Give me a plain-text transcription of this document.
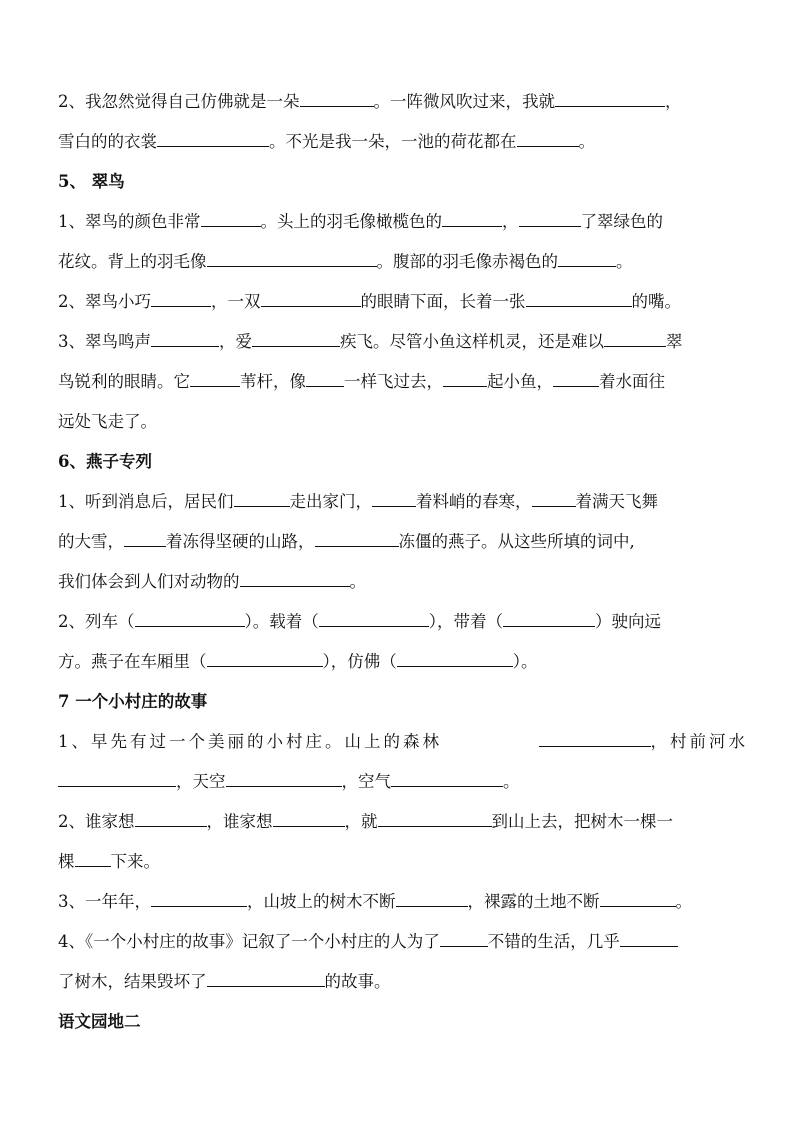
2、我忽然觉得自己仿佛就是一朵	。一阵微风吹过来，我就	，
雪白的的衣裳	。不光是我一朵，一池的荷花都在	。
5、 翠鸟
1、翠鸟的颜色非常	。头上的羽毛像橄榄色的	，	了翠绿色的
花纹。背上的羽毛像	。腹部的羽毛像赤褐色的	。
2、翠鸟小巧	，一双	的眼睛下面，长着一张	的嘴。
3、翠鸟鸣声	，爱	疾飞。尽管小鱼这样机灵，还是难以	翠
鸟锐利的眼睛。它	苇杆，像 一样飞过去，	起小鱼，	着水面往
远处飞走了。
6、燕子专列
1、听到消息后，居民们	走出家门，	着料峭的春寒，	着满天飞舞
的大雪，	着冻得坚硬的山路，	冻僵的燕子。从这些所填的词中,
我们体会到人们对动物的	。
2、列车（	）。载着（	），带着（	）驶向远
方。燕子在车厢里（	），仿佛（	）。
7 一个小村庄的故事
1、早先有过一个美丽的小村庄。山上的森林	，村前河水
，天空	，空气	。
2、谁家想	，谁家想	，就	到山上去，把树木一棵一
棵 下来。
3、一年年，	，山坡上的树木不断	，裸露的土地不断	。
4、《一个小村庄的故事》记叙了一个小村庄的人为了	不错的生活，几乎
了树木，结果毁坏了	的故事。
语文园地二
